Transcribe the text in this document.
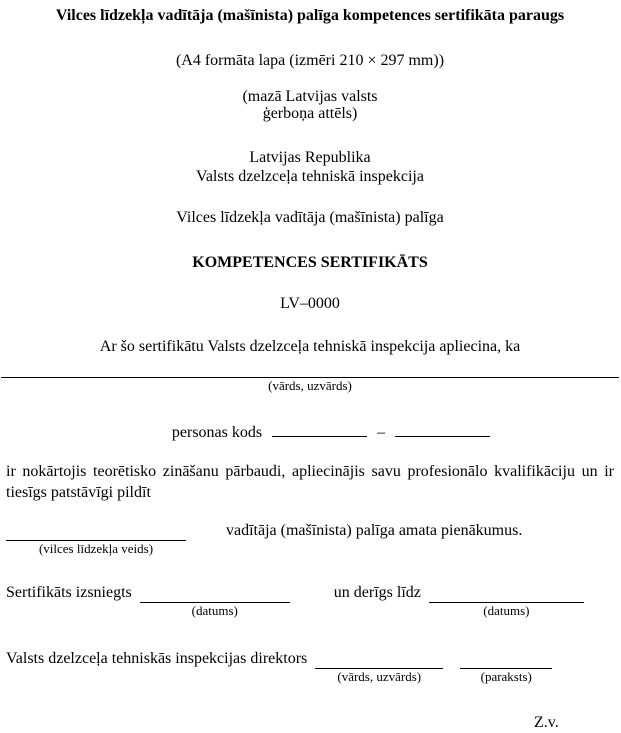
Vilces līdzekļa vadītāja (mašīnista) palīga kompetences sertifikāta paraugs

(A4 formāta lapa (izmēri 210 × 297 mm))

(mazā Latvijas valsts
ģerboņa attēls)

Latvijas Republika
Valsts dzelzceļa tehniskā inspekcija

Vilces līdzekļa vadītāja (mašīnista) palīga

KOMPETENCES SERTIFIKĀTS

LV–0000

Ar šo sertifikātu Valsts dzelzceļa tehniskā inspekcija apliecina, ka

(vārds, uzvārds)

personas kods	–

ir nokārtojis teorētisko zināšanu pārbaudi, apliecinājis savu profesionālo kvalifikāciju un ir tiesīgs patstāvīgi pildīt

(vilces līdzekļa veids)
vadītāja (mašīnista) palīga amata pienākumus.
Sertifikāts izsniegts
(datums)
un derīgs līdz
(datums)
Valsts dzelzceļa tehniskās inspekcijas direktors
(vārds, uzvārds)	(paraksts)

Z.v.
